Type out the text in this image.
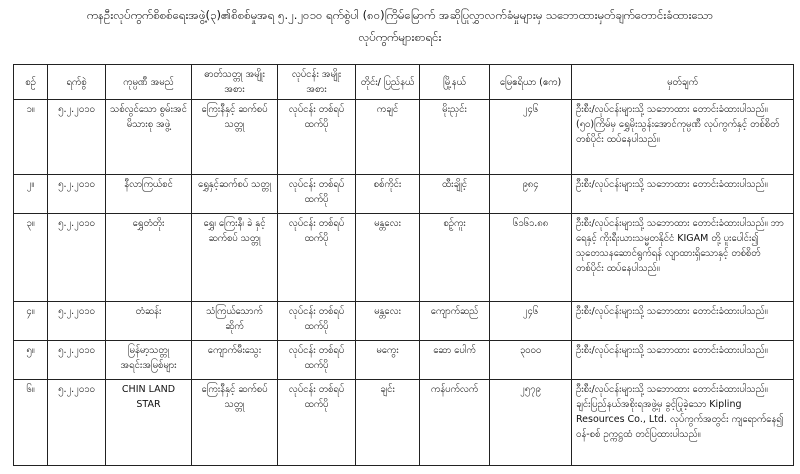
ကနဦးလုပ်ကွက်စိစစ်ရေးအဖွဲ့(၃)၏စိစစ်မှုအရ ၅.၂.၂၀၁၀ ရက်စွဲပါ (၈၀)ကြိမ်မြောက် အဆိုပြုလွှာလက်ခံမှုများမှ သဘောထားမှတ်ချက်တောင်းခံထားသော
လုပ်ကွက်များစာရင်း
စဉ်	ရက်စွဲ	ကုမ္ပဏီ အမည်	ဓာတ်သတ္တု အမျိုးအစား	လုပ်ငန်း အမျိုးအစား	တိုင်း/ ပြည်နယ်	မြို့နယ်	မြေဧရိယာ (ဧက)	မှတ်ချက်
၁။	၅.၂.၂၀၁၀	သစ်လွင်သော စွမ်းအင်မိသားစု အဖွဲ့	ကြေးနီနှင့် ဆက်စပ်သတ္တု	လုပ်ငန်း တစ်ရပ်ထက်ပို	ကချင်	မိုးညှင်း	၂၄၆	ဦးစီး/လုပ်ငန်းများသို့ သဘောထား တောင်းခံထားပါသည်။ (၅၀)ကြိမ်မှ ရွှေမိုးသွန်းအောင်ကုမ္ပဏီ လုပ်ကွက်နှင့် တစ်စိတ် တစ်ပိုင်း ထပ်နေပါသည်။
၂။	၅.၂.၂၀၁၀	နီလာကြယ်စင်	ရွှေနှင့်ဆက်စပ် သတ္တု	လုပ်ငန်း တစ်ရပ်ထက်ပို	စစ်ကိုင်း	ထီးချိုင့်	၉၈၄	ဦးစီး/လုပ်ငန်းများသို့ သဘောထား တောင်းခံထားပါသည်။
၃။	၅.၂.၂၀၁၀	ရွှေတံတိုး	ရွှေ၊ ကြေးနီ၊ ခဲ နှင့်ဆက်စပ် သတ္တု	လုပ်ငန်း တစ်ရပ်ထက်ပို	မန္တလေး	စဉ့်ကူး	၆၁၆၁.၈၈	ဦးစီး/လုပ်ငန်းများသို့ သဘောထား တောင်းခံထားပါသည်။ ဘာရေနှင့် ကိုးရီးယားသမ္မတနိုင်ငံ KIGAM တို့ ပူးပေါင်း၍ သုတေသနဆောင်ရွက်ရန် လျာထားရှိသောနှင့် တစ်စိတ် တစ်ပိုင်း ထပ်နေပါသည်။
၄။	၅.၂.၂၀၁၀	တံဆန်း	သံကြယ်သောက် ဆိုက်	လုပ်ငန်း တစ်ရပ်ထက်ပို	မန္တလေး	ကျောက်ဆည်	၂၄၆	ဦးစီး/လုပ်ငန်းများသို့ သဘောထား တောင်းခံထားပါသည်။
၅။	၅.၂.၂၀၁၀	မြန်မာ့သတ္တု အရင်းအမြစ်များ	ကျောက်မီးသွေး	လုပ်ငန်း တစ်ရပ်ထက်ပို	မကွေး	ဆော ပေါက်	၃၀၀၀	ဦးစီး/လုပ်ငန်းများသို့ သဘောထား တောင်းခံထားပါသည်။
၆။	၅.၂.၂၀၁၀	CHIN LAND STAR	ကြေးနီနှင့် ဆက်စပ်သတ္တု	လုပ်ငန်း တစ်ရပ်ထက်ပို	ချင်း	ကန်ပက်လက်	၂၅၇၉	ဦးစီး/လုပ်ငန်းများသို့ သဘောထား တောင်းခံထားပါသည်။ ချင်းပြည်နယ်အစိုးရအဖွဲ့မှ ခွင့်ပြုခဲ့သော Kipling Resources Co., Ltd. လုပ်ကွက်အတွင်း ကျရောက်နေ၍ ဝန်-စစ် ဥက္ကဋ္ဌထံ တင်ပြထားပါသည်။
